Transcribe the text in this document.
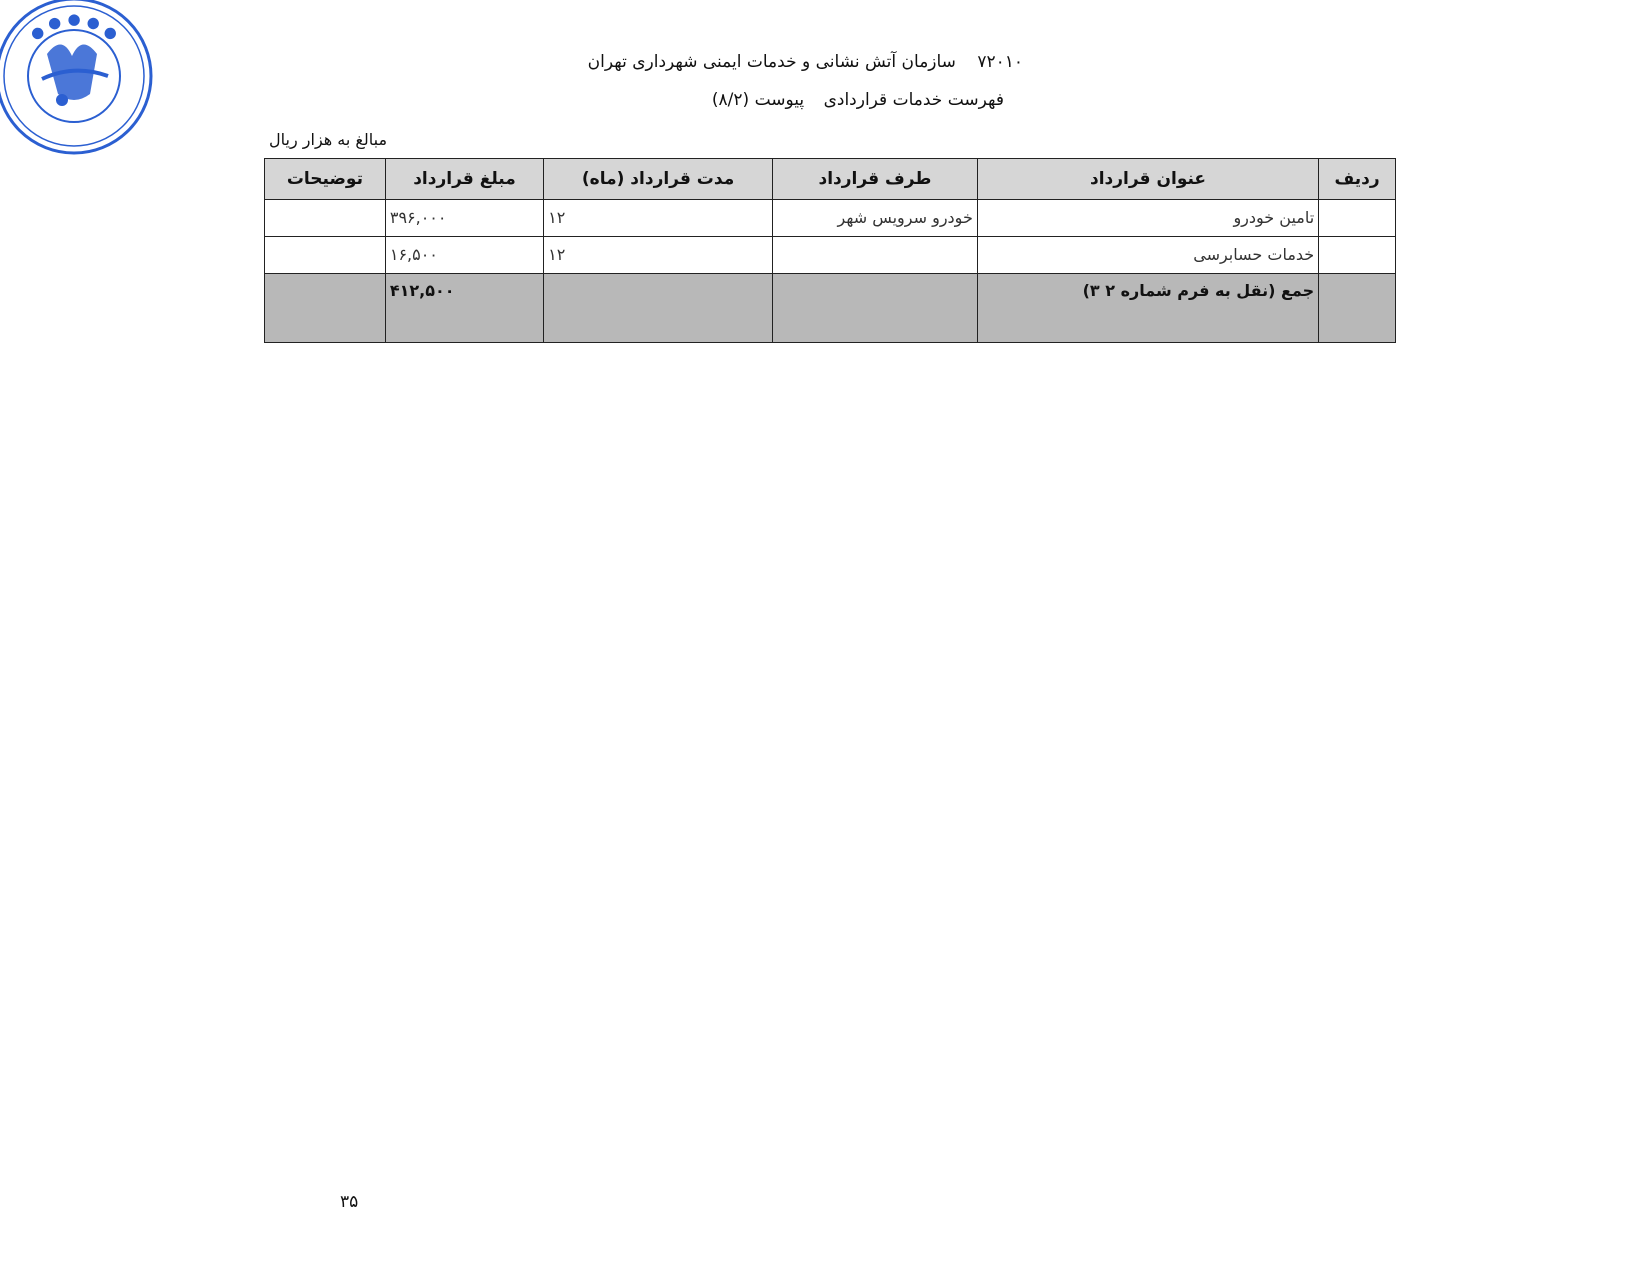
● ● ● ● ●
۷۲۰۱۰ سازمان آتش نشانی و خدمات ایمنی شهرداری تهران
فهرست خدمات قراردادی پیوست (۸/۲)
مبالغ به هزار ریال
ردیف	عنوان قرارداد	طرف قرارداد	مدت قرارداد (ماه)	مبلغ قرارداد	توضیحات
	تامین خودرو	خودرو سرویس شهر	۱۲	۳۹۶,۰۰۰	
	خدمات حسابرسی		۱۲	۱۶,۵۰۰	
	جمع (نقل به فرم شماره ۲ ۳)			۴۱۲,۵۰۰	
۳۵
